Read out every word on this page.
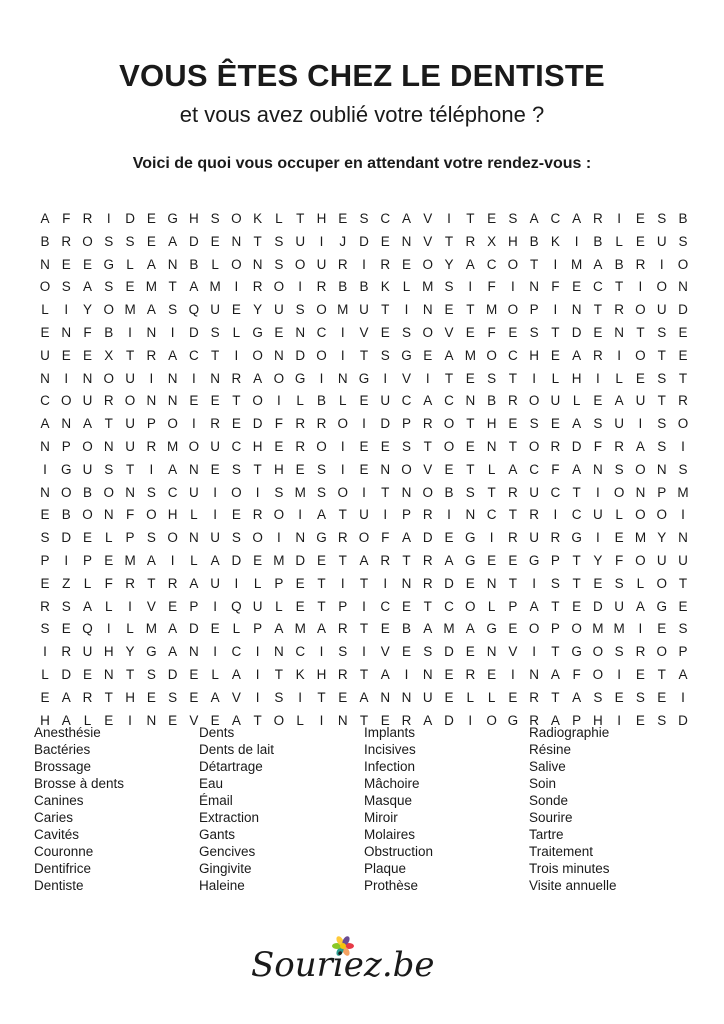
VOUS ÊTES CHEZ LE DENTISTE
et vous avez oublié votre téléphone ?
Voici de quoi vous occuper en attendant votre rendez-vous :
A F R	I	D E G H S O K L T H E S C A V	I	T E S A C A R	I	E S B
B R O S S E A D E N T S U	I	J D E N V T R X H B K	I	B L E U S
N E E G L A N B L O N S O U R	I	R E O Y A C O T	I	M A B R	I	O
O S A S E M T A M	I	R O	I	R B B K L M S	I	F	I	N F E C T	I	O N
L	I	Y O M A S Q U E Y U S O M U T	I	N E T M O P	I	N T R O U D
E N F B	I	N	I	D S L G E N C	I	V E S O V E F E S T D E N T S E
U E E X T R A C T	I	O N D O	I	T S G E A M O C H E A R	I	O T E
N	I	N O U	I	N	I	N R A O G	I	N G	I	V	I	T E S T	I	L H	I	L E S T
C O U R O N N E E T O	I	L B L E U C A C N B R O U L E A U T R
A N A T U P O	I	R E D F R R O	I	D P R O T H E S E A S U	I	S O
N P O N U R M O U C H E R O	I	E E S T O E N T O R D F R A S	I
I	G U S T	I	A N E S T H E S	I	E N O V E T L A C F A N S O N S
N O B O N S C U	I	O	I	S M S O	I	T N O B S T R U C T	I	O N P M
E B O N F O H L	I	E R O	I	A T U	I	P R	I	N C T R	I	C U L O O	I
S D E L P S O N U S O	I	N G R O F A D E G	I	R U R G	I	E M Y N
P	I	P E M A	I	L A D E M D E T A R T R A G E E G P T Y F O U U
E Z L F R T R A U	I	L P E T	I	T	I	N R D E N T	I	S T E S L O T
R S A L	I	V E P	I	Q U L E T P	I	C E T C O L P A T E D U A G E
S E Q	I	L M A D E L P A M A R T E B A M A G E O P O M M	I	E S
I	R U H Y G A N	I	C	I	N C	I	S	I	V E S D E N V	I	T G O S R O P
L D E N T S D E L A	I	T K H R T A	I	N E R E	I	N A F O	I	E T A
E A R T H E S E A V	I	S	I	T E A N N U E L L E R T A S E S E	I
H A L E	I	N E V E A T O L	I	N T E R A D	I	O G R A P H	I	E S D
Anesthésie
Bactéries
Brossage
Brosse à dents
Canines
Caries
Cavités
Couronne
Dentifrice
Dentiste
Dents
Dents de lait
Détartrage
Eau
Émail
Extraction
Gants
Gencives
Gingivite
Haleine
Implants
Incisives
Infection
Mâchoire
Masque
Miroir
Molaires
Obstruction
Plaque
Prothèse
Radiographie
Résine
Salive
Soin
Sonde
Sourire
Tartre
Traitement
Trois minutes
Visite annuelle
Souriez.be
